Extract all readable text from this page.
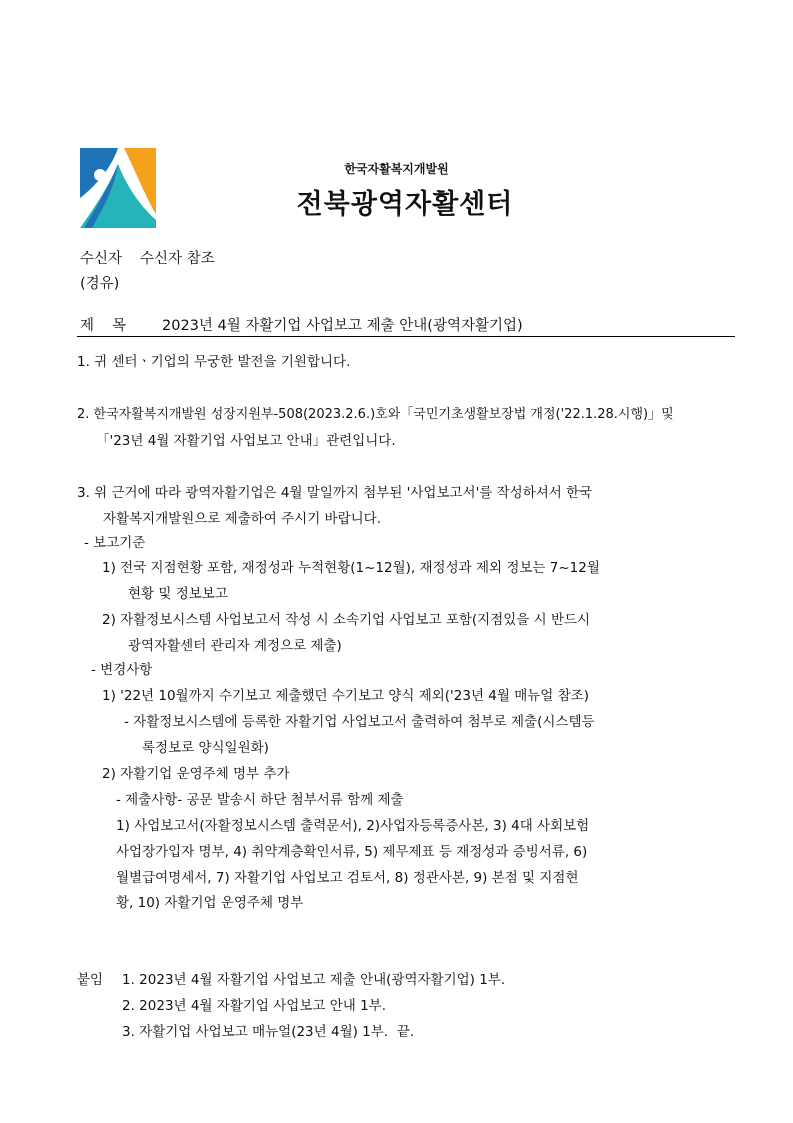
한국자활복지개발원
전북광역자활센터
수신자 수신자 참조
(경유)
제 목 2023년 4월 자활기업 사업보고 제출 안내(광역자활기업)
1. 귀 센터ㆍ기업의 무궁한 발전을 기원합니다.
2. 한국자활복지개발원 성장지원부-508(2023.2.6.)호와「국민기초생활보장법 개정('22.1.28.시행)」및
「'23년 4월 자활기업 사업보고 안내」관련입니다.
3. 위 근거에 따라 광역자활기업은 4월 말일까지 첨부된 '사업보고서'를 작성하셔서 한국
자활복지개발원으로 제출하여 주시기 바랍니다.
- 보고기준
1) 전국 지점현황 포함, 재정성과 누적현황(1~12월), 재정성과 제외 정보는 7~12월
현황 및 정보보고
2) 자활정보시스템 사업보고서 작성 시 소속기업 사업보고 포함(지점있을 시 반드시
광역자활센터 관리자 계정으로 제출)
- 변경사항
1) '22년 10월까지 수기보고 제출했던 수기보고 양식 제외('23년 4월 매뉴얼 참조)
- 자활정보시스템에 등록한 자활기업 사업보고서 출력하여 첨부로 제출(시스템등
록정보로 양식일원화)
2) 자활기업 운영주체 명부 추가
- 제출사항- 공문 발송시 하단 첨부서류 함께 제출
1) 사업보고서(자활정보시스템 출력문서), 2)사업자등록증사본, 3) 4대 사회보험
사업장가입자 명부, 4) 취약계층확인서류, 5) 제무제표 등 재정성과 증빙서류, 6)
월별급여명세서, 7) 자활기업 사업보고 검토서, 8) 정관사본, 9) 본점 및 지점현
황, 10) 자활기업 운영주체 명부
붙임 1. 2023년 4월 자활기업 사업보고 제출 안내(광역자활기업) 1부.
2. 2023년 4월 자활기업 사업보고 안내 1부.
3. 자활기업 사업보고 매뉴얼(23년 4월) 1부. 끝.
